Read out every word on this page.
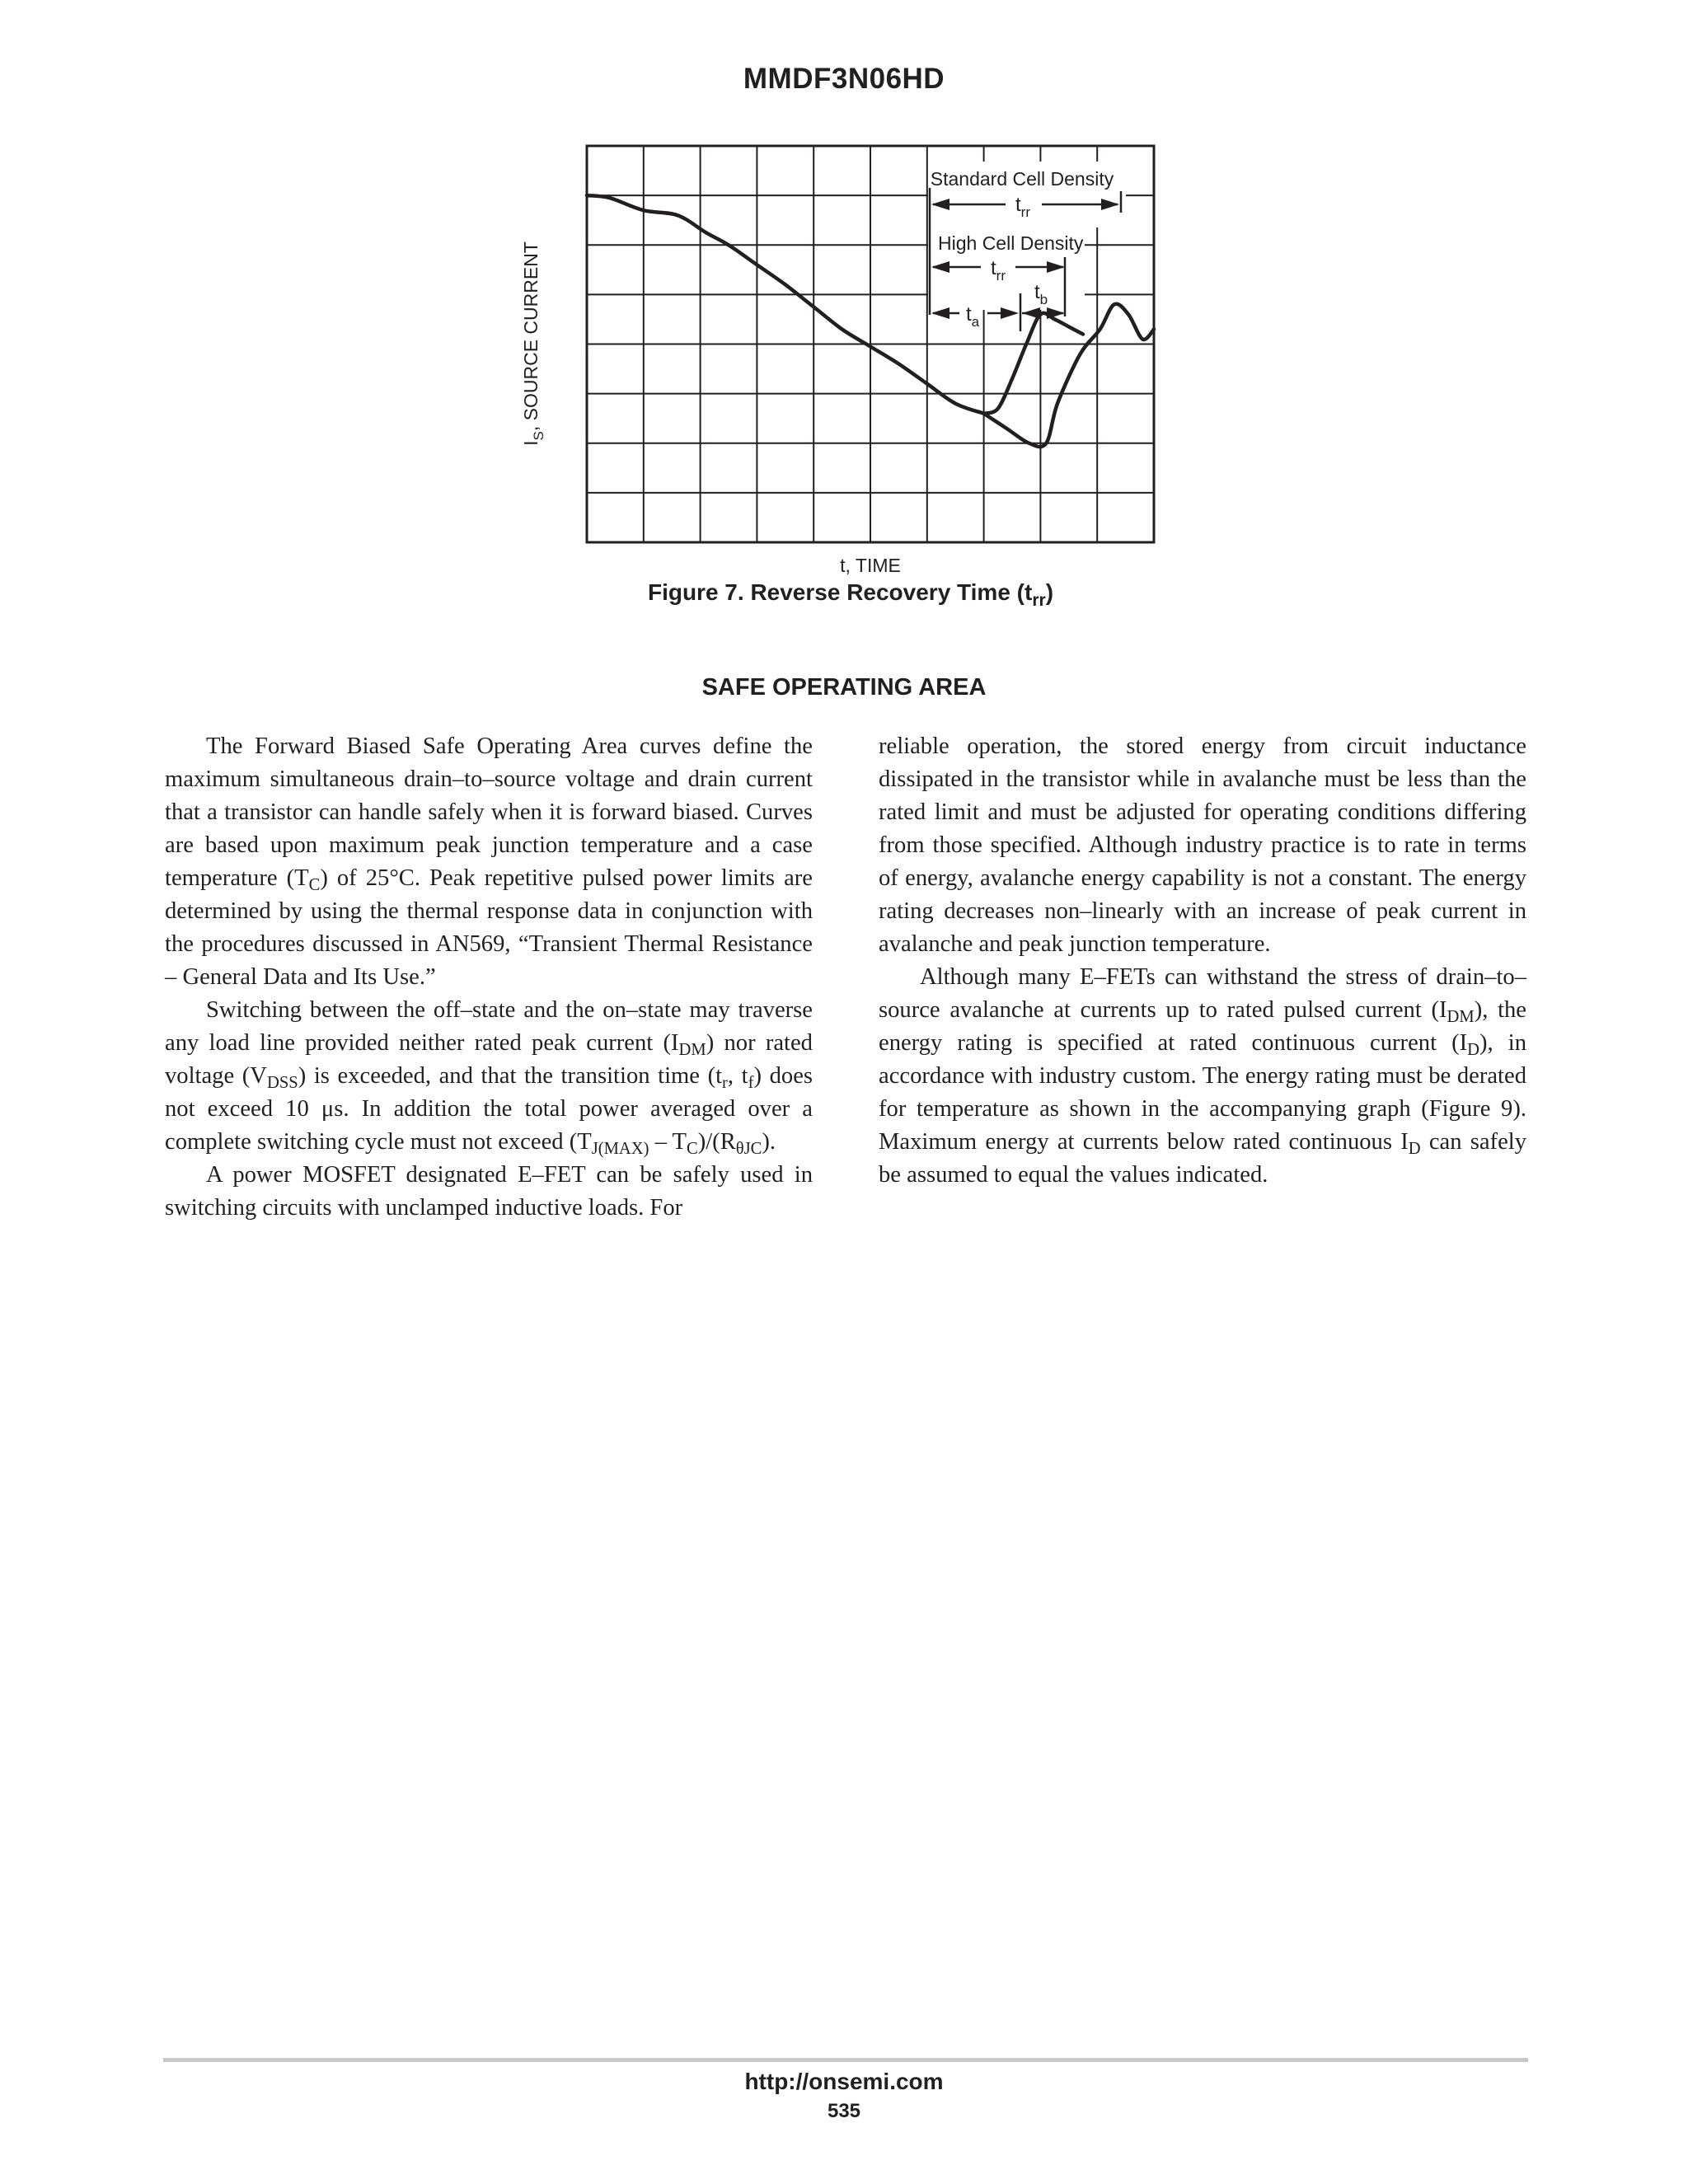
MMDF3N06HD
Standard Cell Density
$t_{rr}$
High Cell Density
$t_{rr}$
$t_a$
$t_b$
$I_S$, SOURCE CURRENT
t, TIME
Figure 7. Reverse Recovery Time $(t_{rr})$
SAFE OPERATING AREA

The Forward Biased Safe Operating Area curves define the maximum simultaneous drain–to–source voltage and drain current that a transistor can handle safely when it is forward biased. Curves are based upon maximum peak junction temperature and a case temperature $(T_C)$ of 25°C. Peak repetitive pulsed power limits are determined by using the thermal response data in conjunction with the procedures discussed in AN569, “Transient Thermal Resistance – General Data and Its Use.”

Switching between the off–state and the on–state may traverse any load line provided neither rated peak current $(I_{DM})$ nor rated voltage $(V_{DSS})$ is exceeded, and that the transition time ($t_r$, $t_f$) does not exceed 10 μs. In addition the total power averaged over a complete switching cycle must not exceed $(T_{J(MAX)} - T_C)/(R_{\theta JC})$.

A power MOSFET designated E–FET can be safely used in switching circuits with unclamped inductive loads. For

reliable operation, the stored energy from circuit inductance dissipated in the transistor while in avalanche must be less than the rated limit and must be adjusted for operating conditions differing from those specified. Although industry practice is to rate in terms of energy, avalanche energy capability is not a constant. The energy rating decreases non–linearly with an increase of peak current in avalanche and peak junction temperature.

Although many E–FETs can withstand the stress of drain–to–source avalanche at currents up to rated pulsed current $(I_{DM})$, the energy rating is specified at rated continuous current $(I_D)$, in accordance with industry custom. The energy rating must be derated for temperature as shown in the accompanying graph (Figure 9). Maximum energy at currents below rated continuous $I_D$ can safely be assumed to equal the values indicated.

http://onsemi.com
535
